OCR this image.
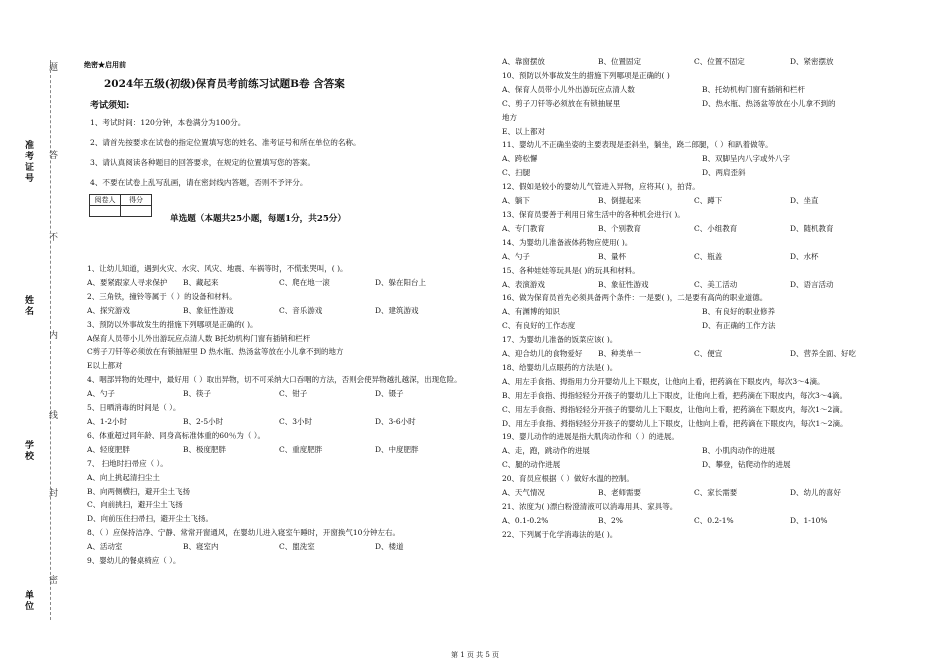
准考证号
姓名
学校
单位
题
答
不
内
线
封
密
绝密★启用前
2024年五级(初级)保育员考前练习试题B卷 含答案
考试须知:
1、考试时间：120分钟，本卷满分为100分。
2、请首先按要求在试卷的指定位置填写您的姓名、准考证号和所在单位的名称。
3、请认真阅读各种题目的回答要求，在规定的位置填写您的答案。
4、不要在试卷上乱写乱画，请在密封线内答题，否则不予评分。
阅卷人	得分

单选题（本题共25小题，每题1分，共25分）
1、让幼儿知道，遇到火灾、水灾、风灾、地震、车祸等时，不慌张哭叫，( )。
A、要紧跟家人寻求保护	B、藏起来	C、爬在地一滚	D、躲在阳台上
2、三角铁，撞铃等属于（ ）的设备和材料。
A、探究游戏	B、象征性游戏	C、音乐游戏	D、建筑游戏
3、预防以外事故发生的措施下列哪项是正确的( )。
A保育人员带小儿外出游玩应点清人数 B托幼机构门窗有插销和栏杆
C剪子刀钎等必须放在有锁抽屉里 D 热水瓶、热汤盆等放在小儿拿不到的地方
E以上都对
4、咽部异物的处理中，最好用（ ）取出异物，切不可采纳大口吞咽的方法，否则会使异物越扎越深，出现危险。
A、勺子	B、筷子	C、钳子	D、镊子
5、日晒消毒的时间是（ ）。
A、1-2小时	B、2-5小时	C、3小时	D、3-6小时
6、体重超过同年龄、同身高标准体重的60％为（ ）。
A、轻度肥胖	B、极度肥胖	C、重度肥胖	D、中度肥胖
7、 扫地时扫帚应（ ）。
A、向上挑起清扫尘土
B、向两侧横扫，避开尘土飞扬
C、向前挑扫，避开尘土飞扬
D、向前压住扫帚扫，避开尘土飞扬。
8、（ ）应保持洁净、宁静、常常开窗通风，在婴幼儿进入寝室午睡时，开窗换气10分钟左右。
A、活动室	B、寝室内	C、盥洗室	D、楼道
9、婴幼儿的餐桌椅应（ ）。
A、靠窗摆放	B、位置固定	C、位置不固定	D、紧密摆放
10、预防以外事故发生的措施下列哪项是正确的( )
A、保育人员带小儿外出游玩应点清人数	B、托幼机构门窗有插销和栏杆
C、剪子刀钎等必须放在有锁抽屉里	D、热水瓶、热汤盆等放在小儿拿不到的
地方
E、以上都对
11、婴幼儿不正确坐姿的主要表现是歪斜坐，躺坐，跷二郎腿，（ ）和趴着做等。
A、跨松懈	B、双脚呈内八字或外八字
C、扫腿	D、两肩歪斜
12、假如是较小的婴幼儿气管进入异物，应将其( )，拍背。
A、躺下	B、倒提起来	C、蹲下	D、坐直
13、保育员要善于利用日常生活中的各种机会进行( )。
A、专门教育	B、个别教育	C、小组教育	D、随机教育
14、为婴幼儿准备液体药物应使用( )。
A、勺子	B、量杯	C、瓶盖	D、水杯
15、各种娃娃等玩具是( )的玩具和材料。
A、表演游戏	B、象征性游戏	C、美工活动	D、语言活动
16、做为保育员首先必须具备两个条件：一是要( )，二是要有高尚的职业道德。
A、有渊博的知识	B、有良好的职业修养
C、有良好的工作态度	D、有正确的工作方法
17、为婴幼儿准备的饭菜应该( )。
A、迎合幼儿的食物爱好	B、种类单一	C、便宜	D、营养全面、好吃
18、给婴幼儿点眼药的方法是( )。
A、用左手食指、拇指用力分开婴幼儿上下眼皮，让他向上看，把药滴在下眼皮内，每次3～4滴。
B、用左手食指、拇指轻轻分开孩子的婴幼儿上下眼皮，让他向上看，把药滴在下眼皮内，每次3～4滴。
C、用左手食指、拇指轻轻分开孩子的婴幼儿上下眼皮，让他向上看，把药滴在下眼皮内，每次1～2滴。
D、用左手食指、拇指轻轻分开孩子的婴幼儿上下眼皮，让他向上看，把药滴在下眼皮内，每次1～2滴。
19、婴儿动作的进展是指大肌肉动作和（ ）的进展。
A、走，跑，跳动作的进展	B、小肌肉动作的进展
C、腿的动作进展	D、攀登，钻爬动作的进展
20、育员应根据（ ）做好水温的控制。
A、天气情况	B、老师需要	C、家长需要	D、幼儿的喜好
21、浓度为( )漂白粉澄清液可以消毒用具、家具等。
A、0.1-0.2%	B、2%	C、0.2-1%	D、1-10%
22、下列属于化学消毒法的是( )。
第 1 页 共 5 页
